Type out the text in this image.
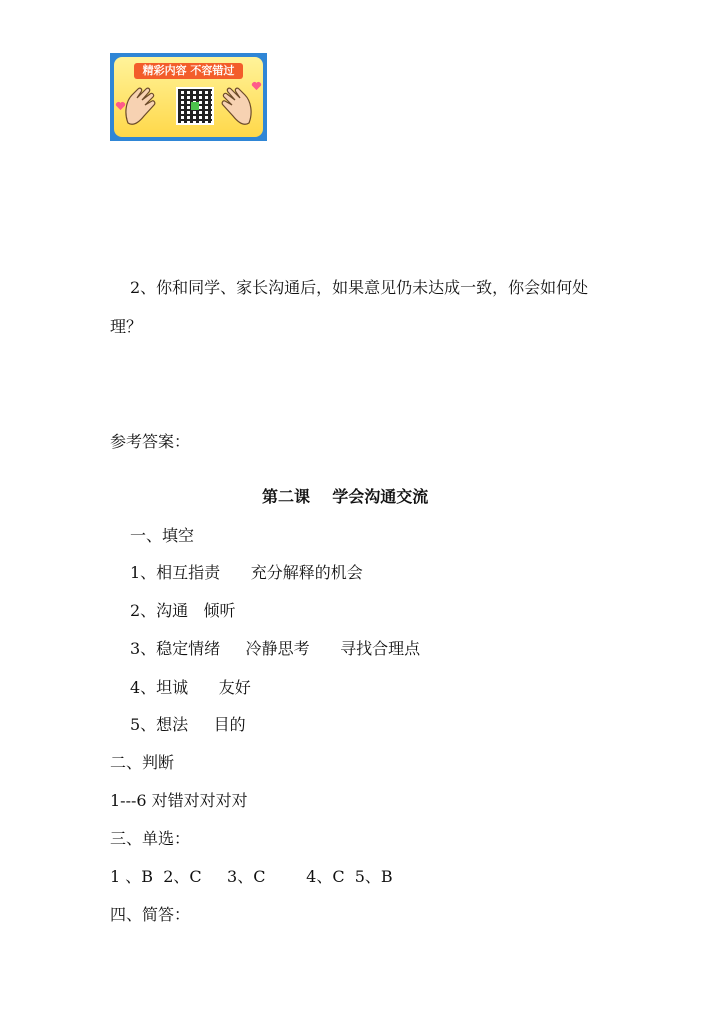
精彩内容 不容错过
2、你和同学、家长沟通后，如果意见仍未达成一致，你会如何处
理？
参考答案：
第二课    学会沟通交流
一、填空
1、相互指责      充分解释的机会
2、沟通   倾听
3、稳定情绪     冷静思考      寻找合理点
4、坦诚      友好
5、想法     目的
二、判断
1---6 对错对对对对
三、单选：
1 、B  2、C     3、C        4、C  5、B
四、简答：
